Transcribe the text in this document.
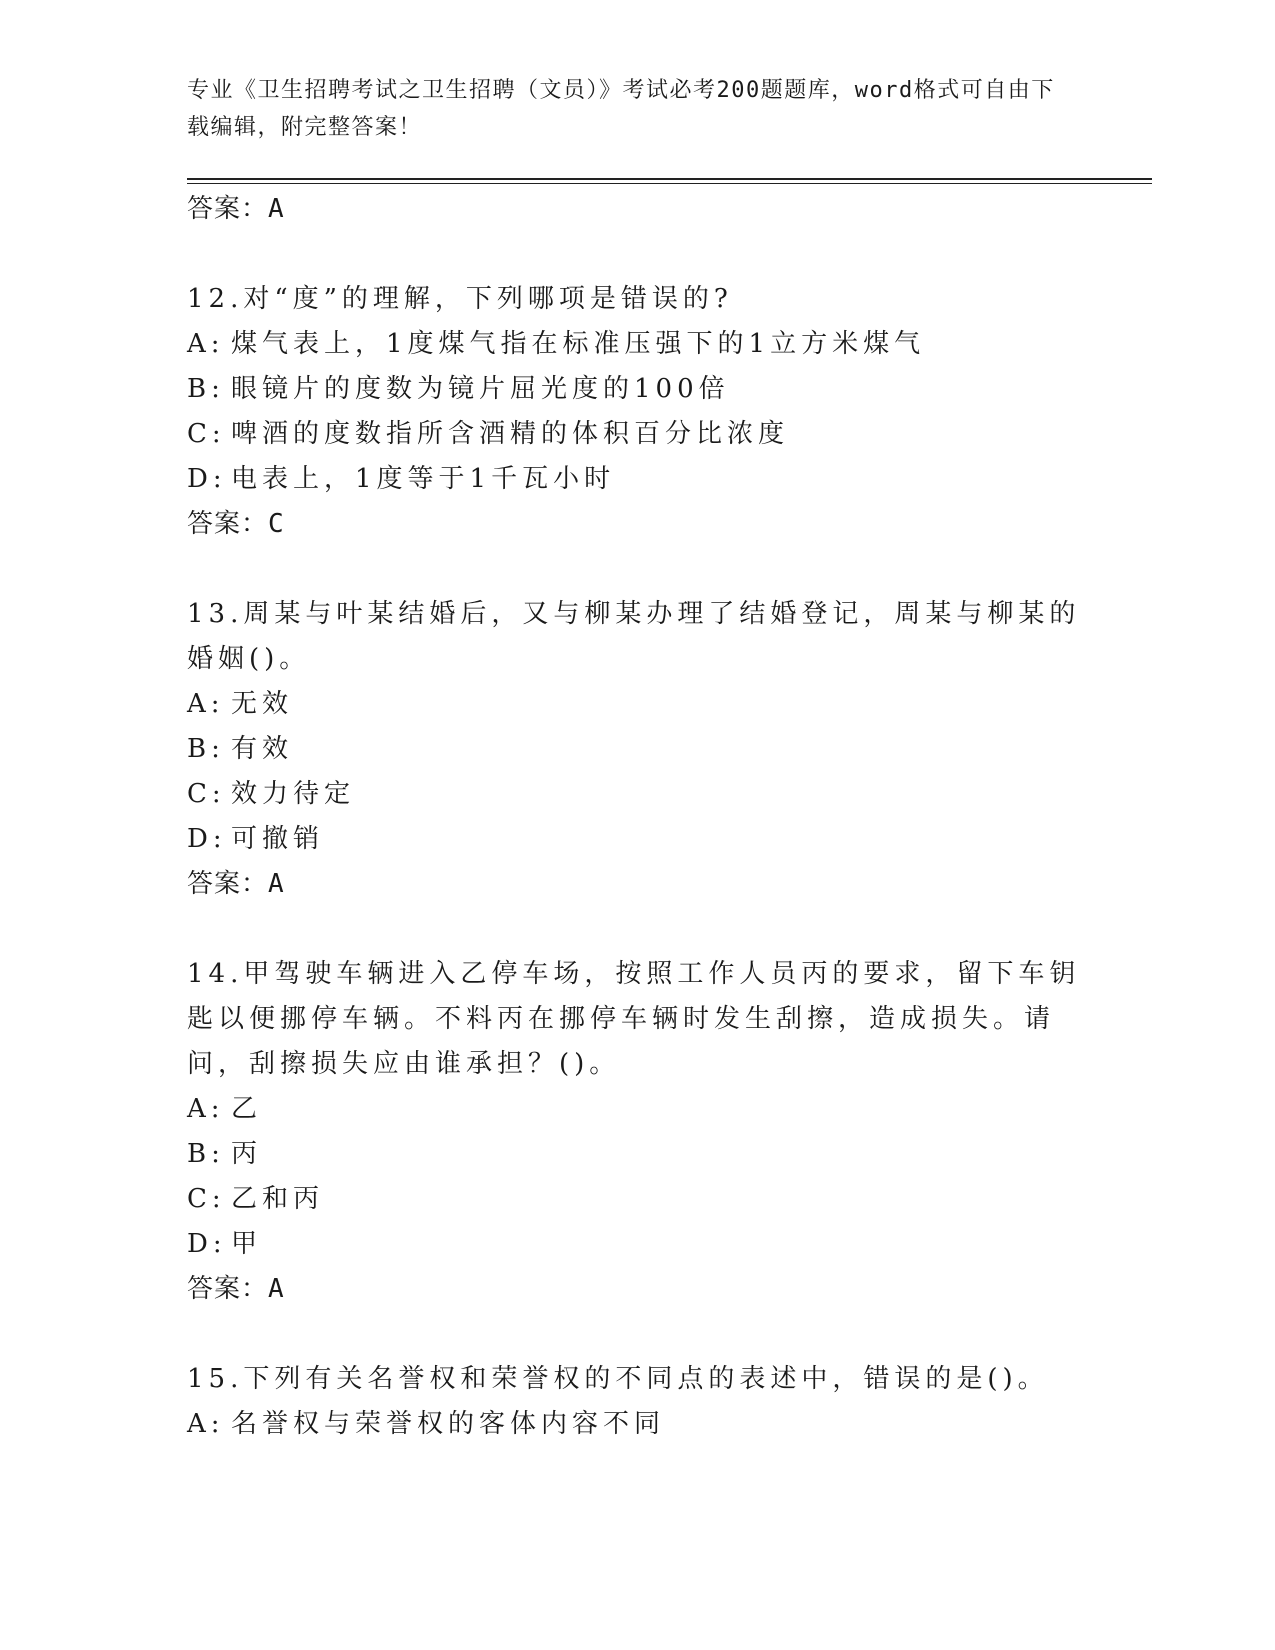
专业《卫生招聘考试之卫生招聘（文员）》考试必考200题题库，word格式可自由下载编辑，附完整答案！
答案：A

12.对“度”的理解，下列哪项是错误的?

A: 煤气表上，1度煤气指在标准压强下的1立方米煤气
B: 眼镜片的度数为镜片屈光度的100倍
C: 啤酒的度数指所含酒精的体积百分比浓度
D: 电表上，1度等于1千瓦小时
答案：C

13.周某与叶某结婚后，又与柳某办理了结婚登记，周某与柳某的婚姻()。

A: 无效
B: 有效
C: 效力待定
D: 可撤销
答案：A

14.甲驾驶车辆进入乙停车场，按照工作人员丙的要求，留下车钥匙以便挪停车辆。不料丙在挪停车辆时发生刮擦，造成损失。请问，刮擦损失应由谁承担？()。

A: 乙
B: 丙
C: 乙和丙
D: 甲
答案：A

15.下列有关名誉权和荣誉权的不同点的表述中，错误的是()。

A: 名誉权与荣誉权的客体内容不同
